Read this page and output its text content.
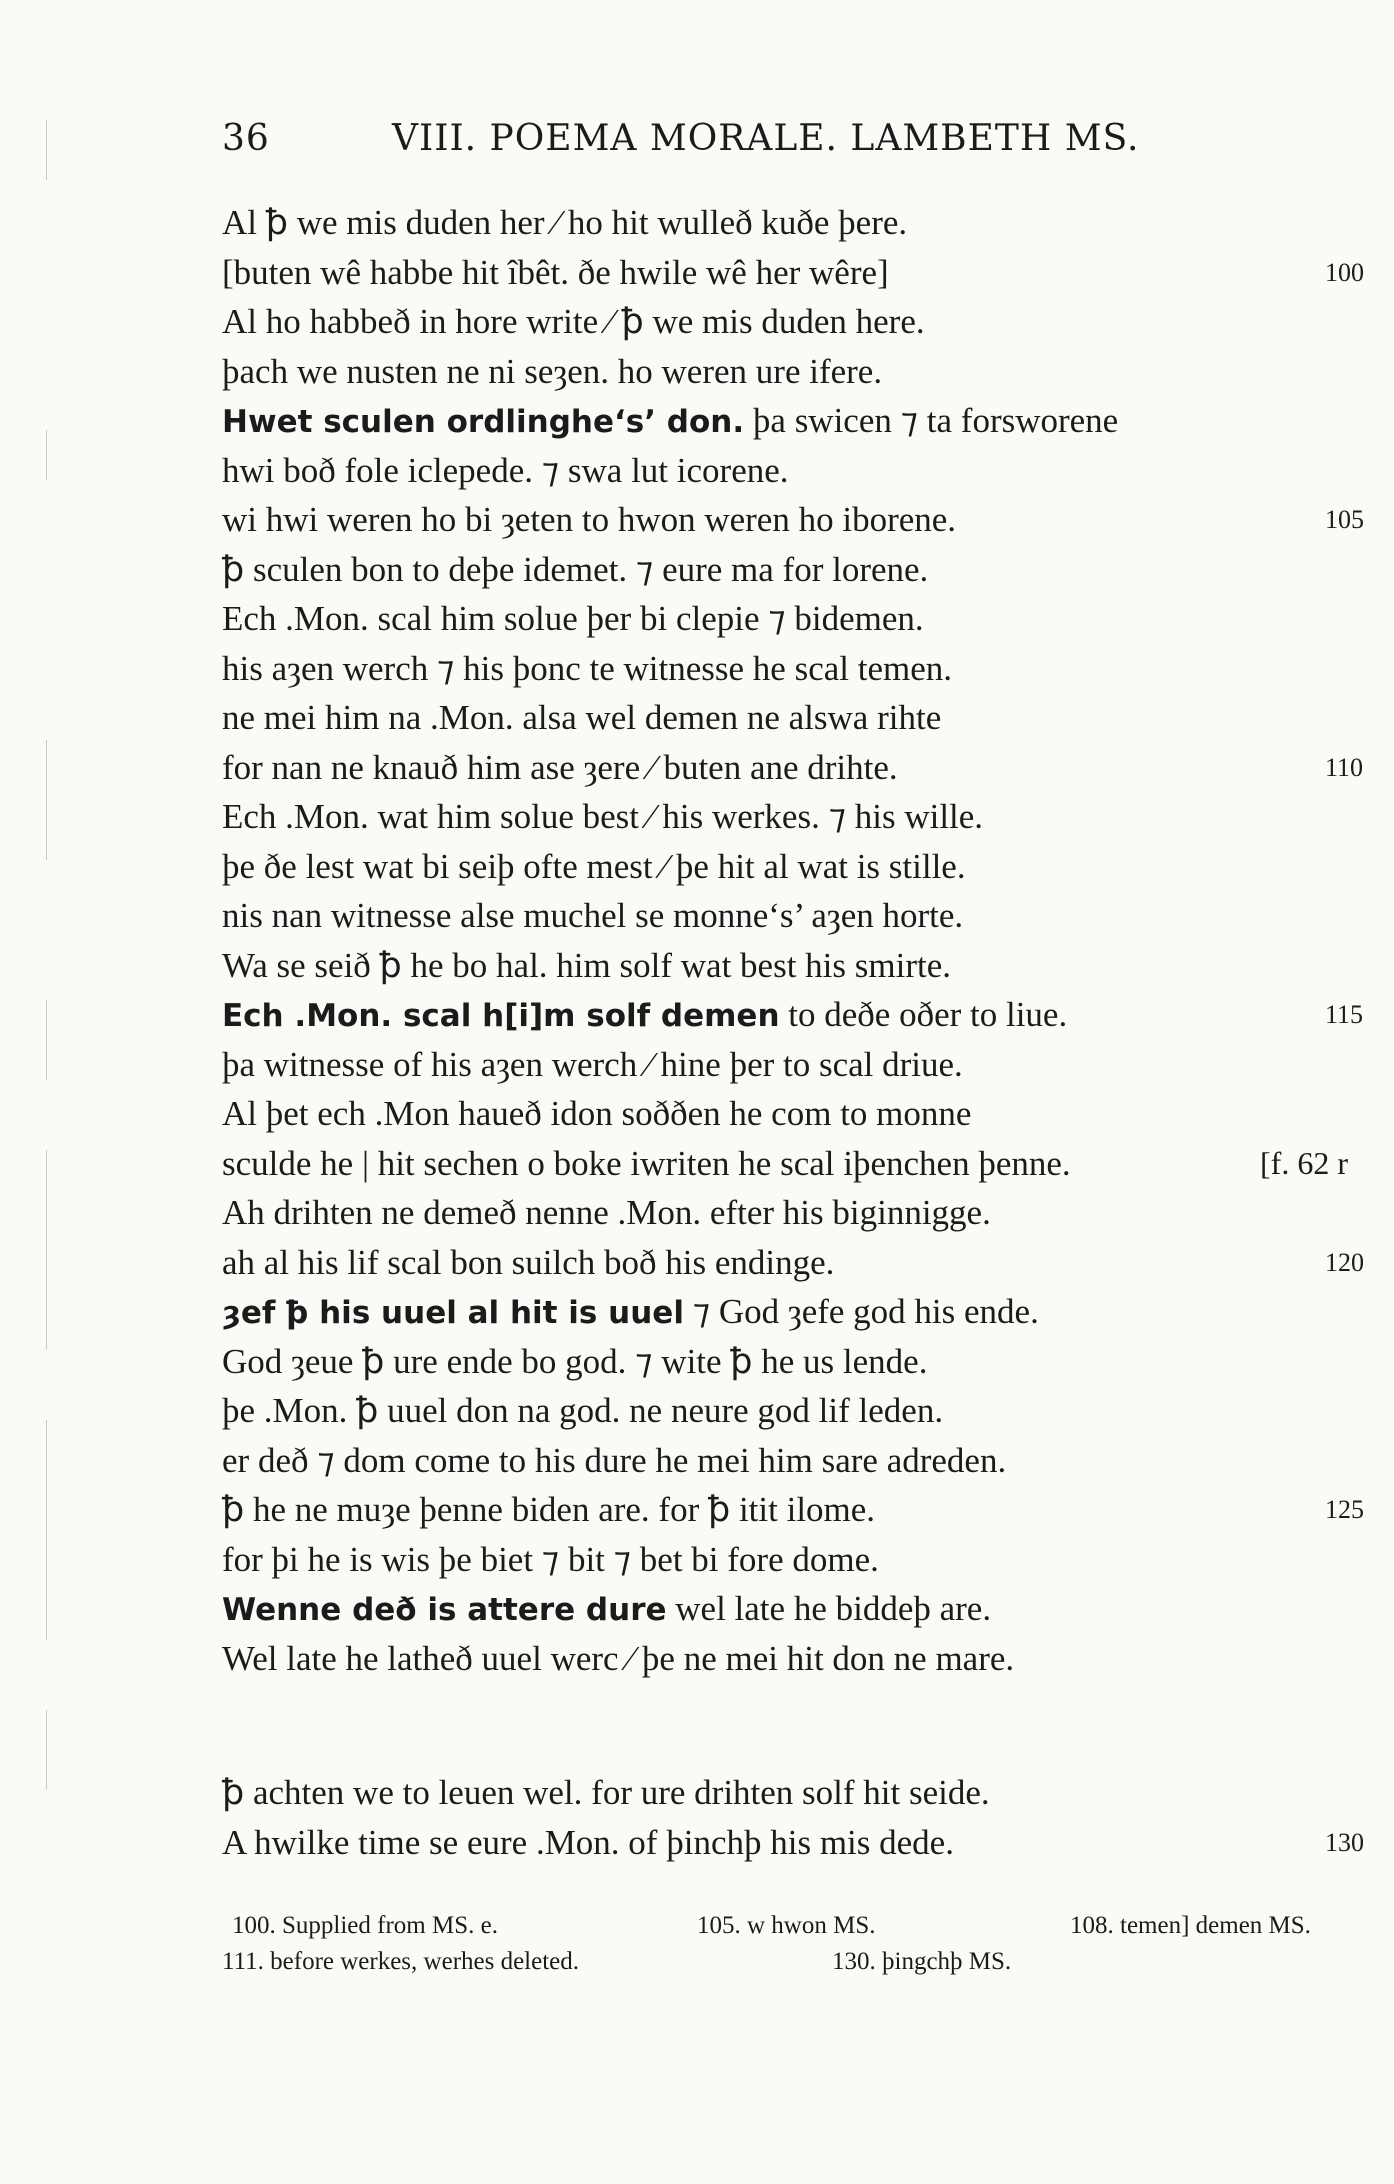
36	VIII. POEMA MORALE. LAMBETH MS.
Al ꝥ we mis duden her ⁄ ho hit wulleð kuðe þere.
[buten wê habbe hit îbêt. ðe hwile wê her wêre]	100
Al ho habbeð in hore write ⁄ ꝥ we mis duden here.
þach we nusten ne ni seȝen. ho weren ure ifere.
Hwet sculen ordlinghe‘s’ don. þa swicen ⁊ ta forsworene
hwi boð fole iclepede. ⁊ swa lut icorene.
wi hwi weren ho bi ȝeten to hwon weren ho iborene.	105
ꝥ sculen bon to deþe idemet. ⁊ eure ma for lorene.
Ech .Mon. scal him solue þer bi clepie ⁊ bidemen.
his aȝen werch ⁊ his þonc te witnesse he scal temen.
ne mei him na .Mon. alsa wel demen ne alswa rihte
for nan ne knauð him ase ȝere ⁄ buten ane drihte.	110
Ech .Mon. wat him solue best ⁄ his werkes. ⁊ his wille.
þe ðe lest wat bi seiþ ofte mest ⁄ þe hit al wat is stille.
nis nan witnesse alse muchel se monne‘s’ aȝen horte.
Wa se seið ꝥ he bo hal. him solf wat best his smirte.
Ech .Mon. scal h[i]m solf demen to deðe oðer to liue.	115
þa witnesse of his aȝen werch ⁄ hine þer to scal driue.
Al þet ech .Mon haueð idon soððen he com to monne
sculde he | hit sechen o boke iwriten he scal iþenchen þenne.	[f. 62 r
Ah drihten ne demeð nenne .Mon. efter his biginnigge.
ah al his lif scal bon suilch boð his endinge.	120
ȝef ꝥ his uuel al hit is uuel ⁊ God ȝefe god his ende.
God ȝeue ꝥ ure ende bo god. ⁊ wite ꝥ he us lende.
þe .Mon. ꝥ uuel don na god. ne neure god lif leden.
er deð ⁊ dom come to his dure he mei him sare adreden.
ꝥ he ne muȝe þenne biden are. for ꝥ itit ilome.	125
for þi he is wis þe biet ⁊ bit ⁊ bet bi fore dome.
Wenne deð is attere dure wel late he biddeþ are.
Wel late he latheð uuel werc ⁄ þe ne mei hit don ne mare.
ꝥ achten we to leuen wel. for ure drihten solf hit seide.
A hwilke time se eure .Mon. of þinchþ his mis dede.	130
100. Supplied from MS. e.	105. w hwon MS.	108. temen] demen MS.
111. before werkes, werhes deleted.	130. þingchþ MS.
